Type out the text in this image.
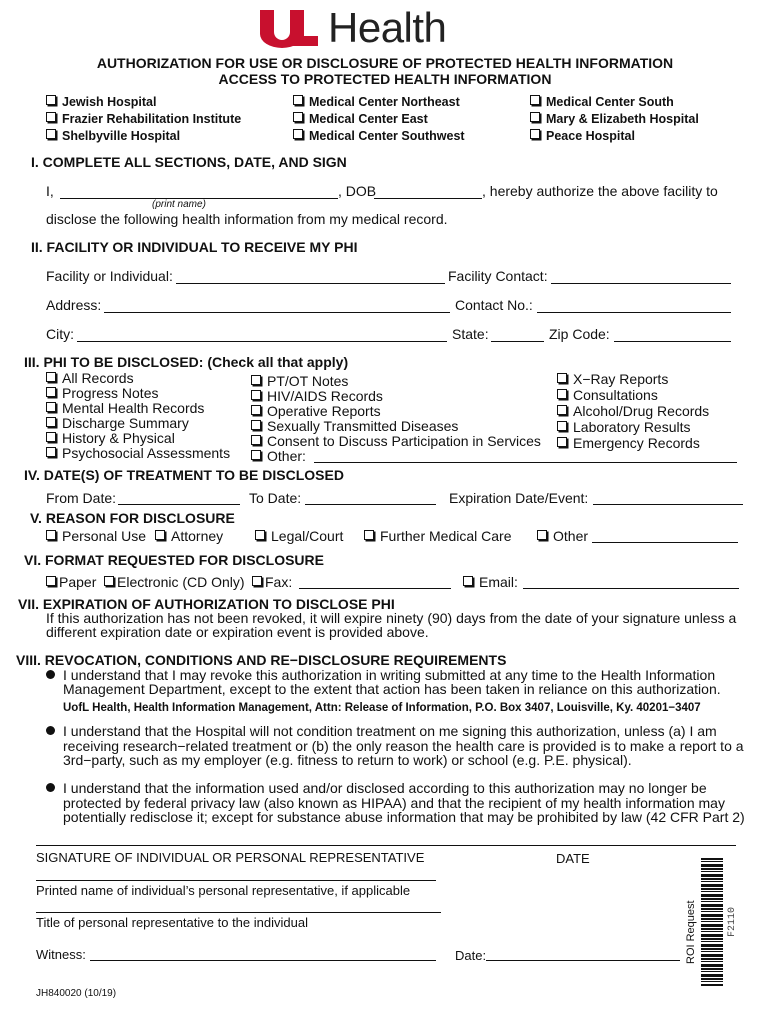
OF Health
AUTHORIZATION FOR USE OR DISCLOSURE OF PROTECTED HEALTH INFORMATION
ACCESS TO PROTECTED HEALTH INFORMATION
Jewish Hospital
Frazier Rehabilitation Institute
Shelbyville Hospital
Medical Center Northeast
Medical Center East
Medical Center Southwest
Medical Center South
Mary & Elizabeth Hospital
Peace Hospital
I. COMPLETE ALL SECTIONS, DATE, AND SIGN
I,
(print name)
, DOB	, hereby authorize the above facility to
disclose the following health information from my medical record.
II. FACILITY OR INDIVIDUAL TO RECEIVE MY PHI
Facility or Individual:	Facility Contact:
Address:	Contact No.:
City:	State:	Zip Code:
III. PHI TO BE DISCLOSED: (Check all that apply)
All Records
Progress Notes
Mental Health Records
Discharge Summary
History & Physical
Psychosocial Assessments
PT/OT Notes
HIV/AIDS Records
Operative Reports
Sexually Transmitted Diseases
Consent to Discuss Participation in Services
Other:
X−Ray Reports
Consultations
Alcohol/Drug Records
Laboratory Results
Emergency Records
IV. DATE(S) OF TREATMENT TO BE DISCLOSED
From Date:	To Date:	Expiration Date/Event:
V. REASON FOR DISCLOSURE
Personal Use	Attorney	Legal/Court	Further Medical Care	Other
VI. FORMAT REQUESTED FOR DISCLOSURE
Paper	Electronic (CD Only)	Fax:	Email:
VII. EXPIRATION OF AUTHORIZATION TO DISCLOSE PHI
If this authorization has not been revoked, it will expire ninety (90) days from the date of your signature unless a
different expiration date or expiration event is provided above.
VIII. REVOCATION, CONDITIONS AND RE−DISCLOSURE REQUIREMENTS
I understand that I may revoke this authorization in writing submitted at any time to the Health Information
Management Department, except to the extent that action has been taken in reliance on this authorization.
UofL Health, Health Information Management, Attn: Release of Information, P.O. Box 3407, Louisville, Ky. 40201−3407
I understand that the Hospital will not condition treatment on me signing this authorization, unless (a) I am
receiving research−related treatment or (b) the only reason the health care is provided is to make a report to a
3rd−party, such as my employer (e.g. fitness to return to work) or school (e.g. P.E. physical).
I understand that the information used and/or disclosed according to this authorization may no longer be
protected by federal privacy law (also known as HIPAA) and that the recipient of my health information may
potentially redisclose it; except for substance abuse information that may be prohibited by law (42 CFR Part 2)
SIGNATURE OF INDIVIDUAL OR PERSONAL REPRESENTATIVE	DATE
Printed name of individual’s personal representative, if applicable
Title of personal representative to the individual
Witness:	Date:
JH840020 (10/19)
ROI Request	F2110
